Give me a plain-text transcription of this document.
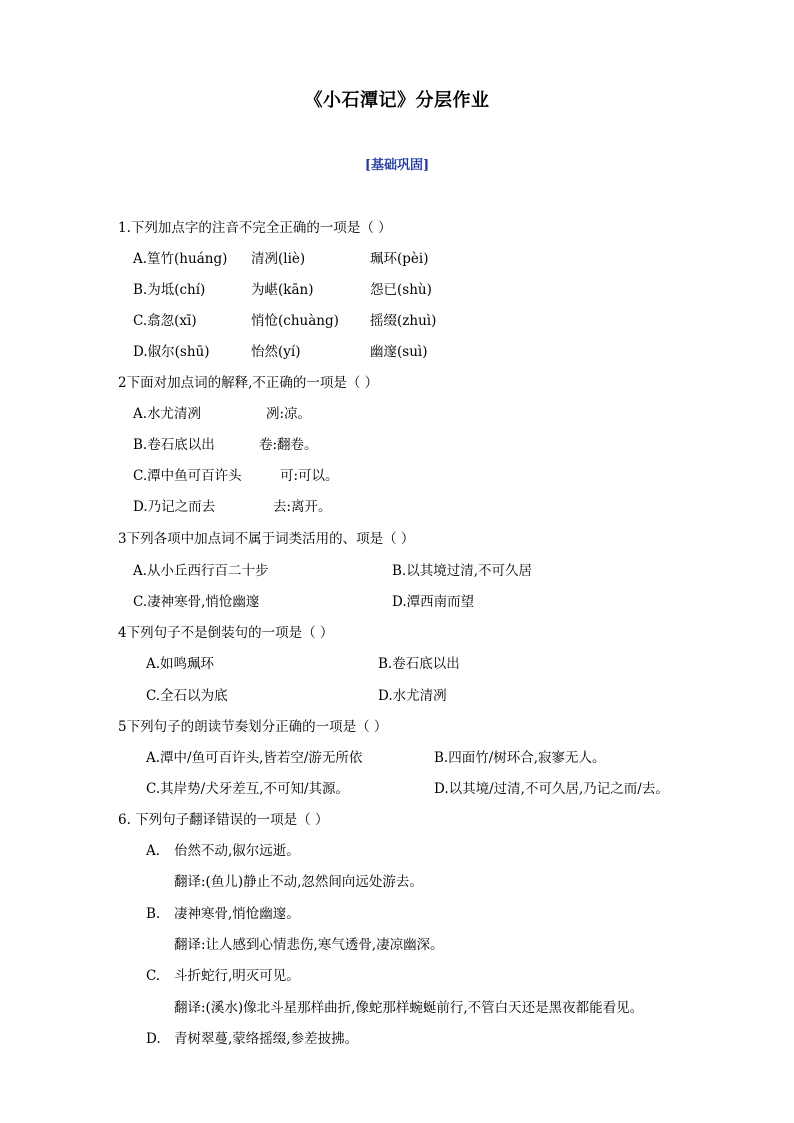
《小石潭记》分层作业
[基础巩固]
1.下列加点字的注音不完全正确的一项是（ ）
A.篁竹(huáng) 清冽(liè)	珮环(pèi)
B.为坻(chí)	为嵁(kān)	怨已(shù)
C.翕忽(xī)	悄怆(chuàng) 摇缀(zhuì)
D.俶尔(shū)	怡然(yí)	幽邃(suì)
2下面对加点词的解释,不正确的一项是（ ）
A.水尤清冽	冽:凉。
B.卷石底以出	卷:翻卷。
C.潭中鱼可百许头	可:可以。
D.乃记之而去	去:离开。
3下列各项中加点词不属于词类活用的、项是（ ）
A.从小丘西行百二十步	B.以其境过清,不可久居
C.凄神寒骨,悄怆幽邃	D.潭西南而望
4下列句子不是倒装句的一项是（ ）
A.如鸣珮环	B.卷石底以出
C.全石以为底	D.水尤清冽
5下列句子的朗读节奏划分正确的一项是（ ）
A.潭中/鱼可百许头,皆若空/游无所依	B.四面竹/树环合,寂寥无人。
C.其岸势/犬牙差互,不可知/其源。	D.以其境/过清,不可久居,乃记之而/去。
6. 下列句子翻译错误的一项是（ ）
A. 佁然不动,俶尔远逝。
翻译:(鱼儿)静止不动,忽然间向远处游去。
B. 凄神寒骨,悄怆幽邃。
翻译:让人感到心情悲伤,寒气透骨,凄凉幽深。
C. 斗折蛇行,明灭可见。
翻译:(溪水)像北斗星那样曲折,像蛇那样蜿蜒前行,不管白天还是黑夜都能看见。
D. 青树翠蔓,蒙络摇缀,参差披拂。
